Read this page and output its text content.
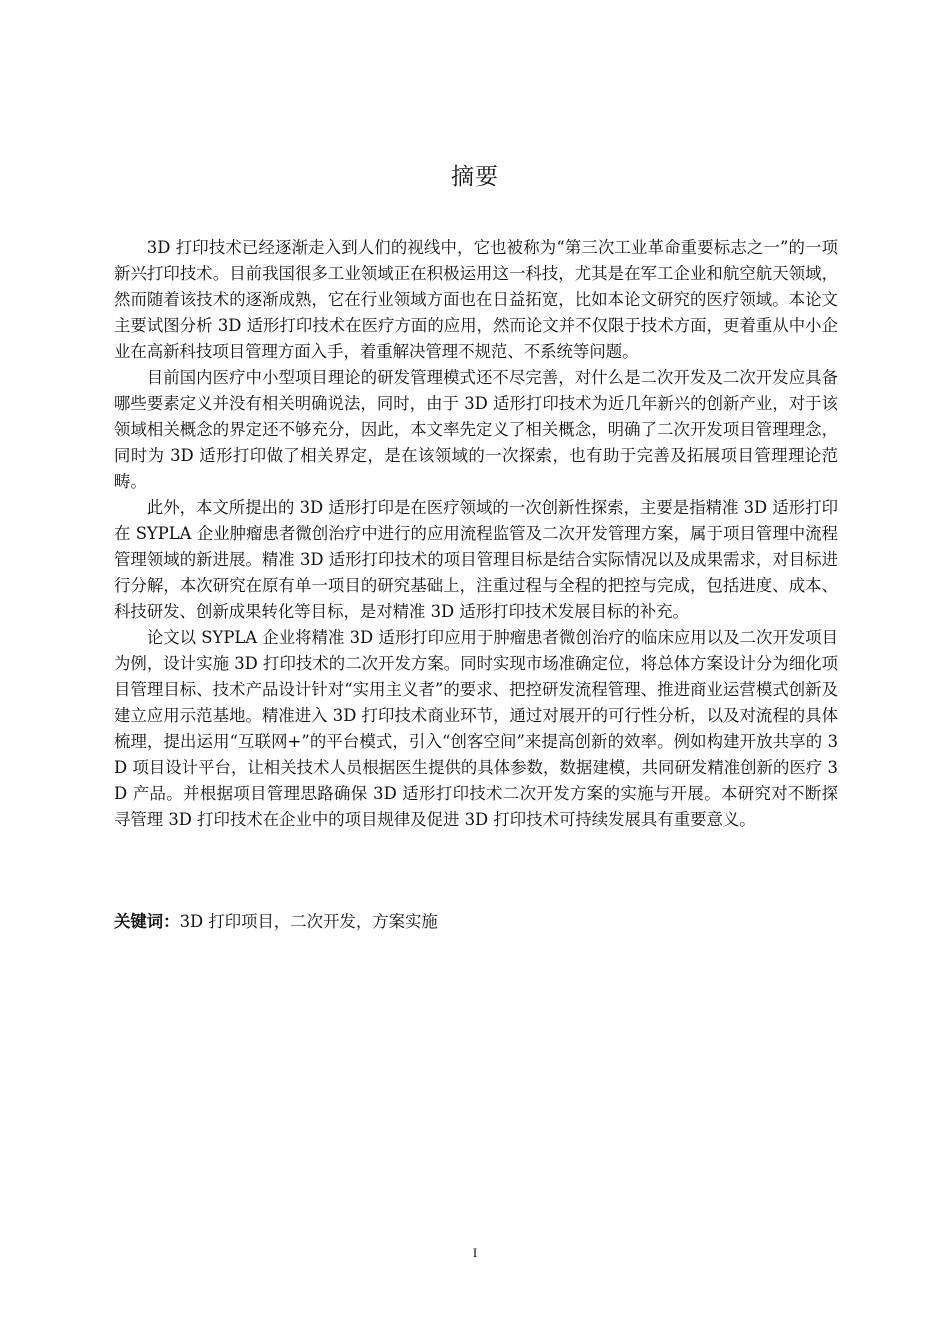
摘要

3D 打印技术已经逐渐走入到人们的视线中，它也被称为“第三次工业革命重要标志之一”的一项新兴打印技术。目前我国很多工业领域正在积极运用这一科技，尤其是在军工企业和航空航天领域，然而随着该技术的逐渐成熟，它在行业领域方面也在日益拓宽，比如本论文研究的医疗领域。本论文主要试图分析 3D 适形打印技术在医疗方面的应用，然而论文并不仅限于技术方面，更着重从中小企业在高新科技项目管理方面入手，着重解决管理不规范、不系统等问题。

目前国内医疗中小型项目理论的研发管理模式还不尽完善，对什么是二次开发及二次开发应具备哪些要素定义并没有相关明确说法，同时，由于 3D 适形打印技术为近几年新兴的创新产业，对于该领域相关概念的界定还不够充分，因此，本文率先定义了相关概念，明确了二次开发项目管理理念，同时为 3D 适形打印做了相关界定，是在该领域的一次探索，也有助于完善及拓展项目管理理论范畴。

此外，本文所提出的 3D 适形打印是在医疗领域的一次创新性探索，主要是指精准 3D 适形打印在 SYPLA 企业肿瘤患者微创治疗中进行的应用流程监管及二次开发管理方案，属于项目管理中流程管理领域的新进展。精准 3D 适形打印技术的项目管理目标是结合实际情况以及成果需求，对目标进行分解，本次研究在原有单一项目的研究基础上，注重过程与全程的把控与完成，包括进度、成本、科技研发、创新成果转化等目标，是对精准 3D 适形打印技术发展目标的补充。

论文以 SYPLA 企业将精准 3D 适形打印应用于肿瘤患者微创治疗的临床应用以及二次开发项目为例，设计实施 3D 打印技术的二次开发方案。同时实现市场准确定位，将总体方案设计分为细化项目管理目标、技术产品设计针对“实用主义者”的要求、把控研发流程管理、推进商业运营模式创新及建立应用示范基地。精准进入 3D 打印技术商业环节，通过对展开的可行性分析，以及对流程的具体梳理，提出运用“互联网+”的平台模式，引入“创客空间”来提高创新的效率。例如构建开放共享的 3D 项目设计平台，让相关技术人员根据医生提供的具体参数，数据建模，共同研发精准创新的医疗 3D 产品。并根据项目管理思路确保 3D 适形打印技术二次开发方案的实施与开展。本研究对不断探寻管理 3D 打印技术在企业中的项目规律及促进 3D 打印技术可持续发展具有重要意义。

关键词：3D 打印项目，二次开发，方案实施

I
